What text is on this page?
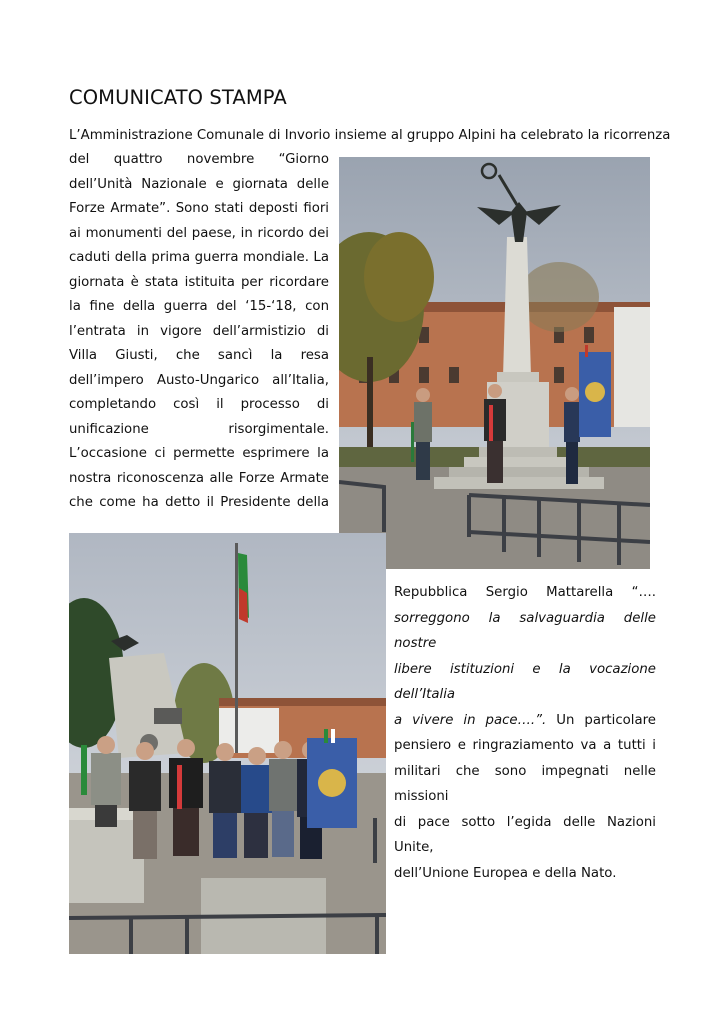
COMUNICATO STAMPA

L’Amministrazione Comunale di Invorio insieme al gruppo Alpini ha celebrato la ricorrenza

del quattro novembre “Giorno
dell’Unità Nazionale e giornata delle
Forze Armate”. Sono stati deposti fiori
ai monumenti del paese, in ricordo dei
caduti della prima guerra mondiale. La
giornata è stata istituita per ricordare
la fine della guerra del ‘15-‘18, con
l’entrata in vigore dell’armistizio di
Villa Giusti, che sancì la resa
dell’impero Austo-Ungarico all’Italia,
completando così il processo di
unificazione risorgimentale.
L’occasione ci permette esprimere la
nostra riconoscenza alle Forze Armate
che come ha detto il Presidente della
Repubblica Sergio Mattarella “….
sorreggono la salvaguardia delle nostre
libere istituzioni e la vocazione dell’Italia
a vivere in pace….”. Un particolare
pensiero e ringraziamento va a tutti i
militari che sono impegnati nelle missioni
di pace sotto l’egida delle Nazioni Unite,
dell’Unione Europea e della Nato.
